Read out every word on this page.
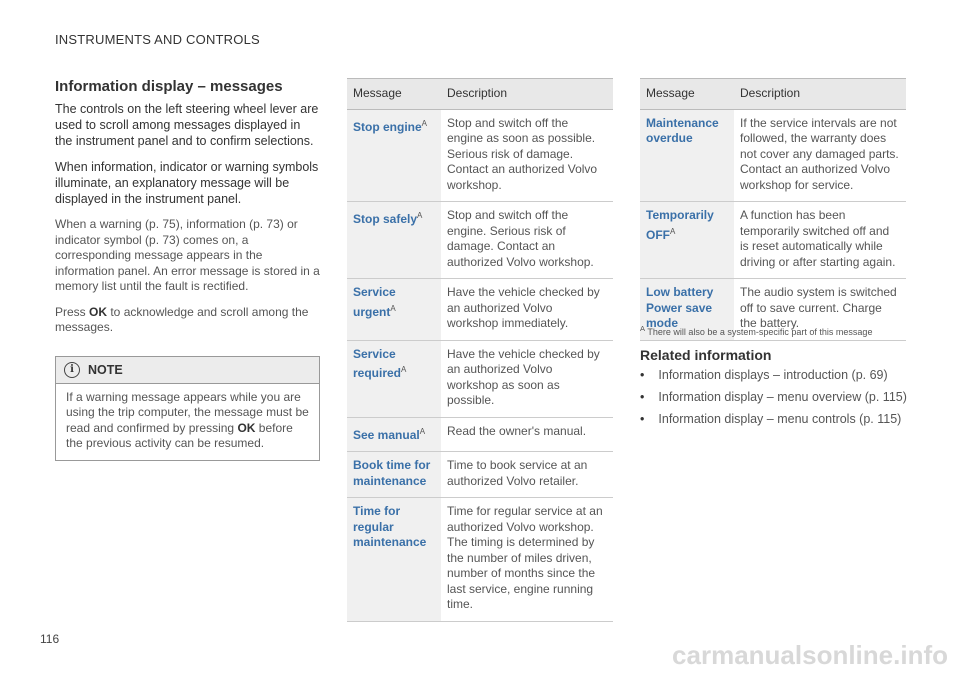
INSTRUMENTS AND CONTROLS
Information display – messages

The controls on the left steering wheel lever are used to scroll among messages displayed in the instrument panel and to confirm selections.

When information, indicator or warning symbols illuminate, an explanatory message will be displayed in the instrument panel.

When a warning (p. 75), information (p. 73) or indicator symbol (p. 73) comes on, a corresponding message appears in the information panel. An error message is stored in a memory list until the fault is rectified.

Press OK to acknowledge and scroll among the messages.

i	NOTE
If a warning message appears while you are using the trip computer, the message must be read and confirmed by pressing OK before the previous activity can be resumed.
Message	Description
Stop engine$^A$	Stop and switch off the engine as soon as possible. Serious risk of damage. Contact an authorized Volvo workshop.
Stop safely$^A$	Stop and switch off the engine. Serious risk of damage. Contact an authorized Volvo workshop.
Service urgent$^A$	Have the vehicle checked by an authorized Volvo workshop immediately.
Service required$^A$	Have the vehicle checked by an authorized Volvo workshop as soon as possible.
See manual$^A$	Read the owner's manual.
Book time for maintenance	Time to book service at an authorized Volvo retailer.
Time for regular maintenance	Time for regular service at an authorized Volvo workshop. The timing is determined by the number of miles driven, number of months since the last service, engine running time.
Message	Description
Maintenance overdue	If the service intervals are not followed, the warranty does not cover any damaged parts. Contact an authorized Volvo workshop for service.
Temporarily $OFF^A$	A function has been temporarily switched off and is reset automatically while driving or after starting again.
Low battery Power save mode	The audio system is switched off to save current. Charge the battery.
$^A$ There will also be a system-specific part of this message
Related information
• Information displays – introduction (p. 69)
• Information display – menu overview (p. 115)
• Information display – menu controls (p. 115)
116
carmanualsonline.info
